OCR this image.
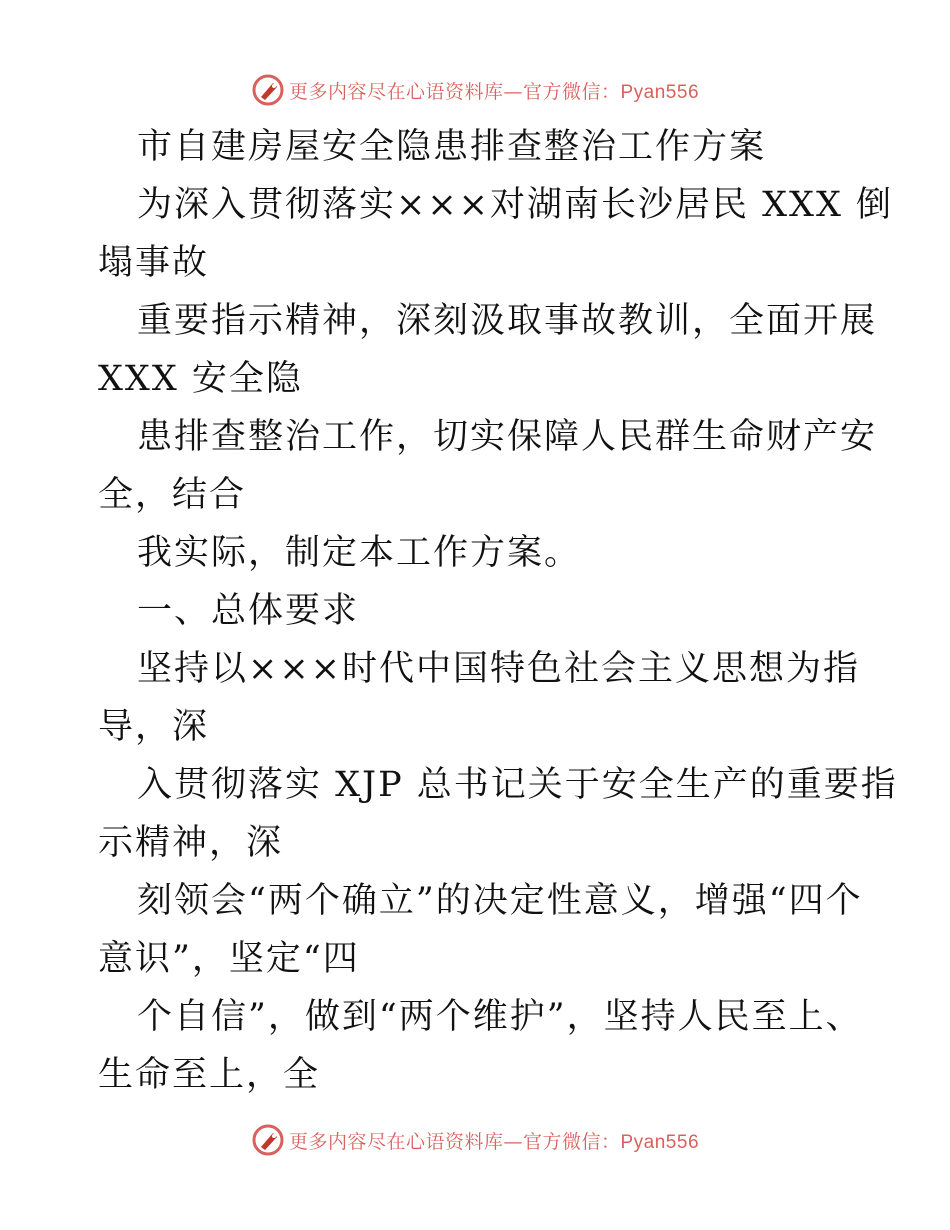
更多内容尽在心语资料库—官方微信：Pyan556
市自建房屋安全隐患排查整治工作方案
为深入贯彻落实×××对湖南长沙居民 XXX 倒
塌事故
重要指示精神，深刻汲取事故教训，全面开展
XXX 安全隐
患排查整治工作，切实保障人民群生命财产安
全，结合
我实际，制定本工作方案。
一、总体要求
坚持以×××时代中国特色社会主义思想为指
导，深
入贯彻落实 XJP 总书记关于安全生产的重要指
示精神，深
刻领会“两个确立”的决定性意义，增强“四个
意识”，坚定“四
个自信”，做到“两个维护”，坚持人民至上、
生命至上，全
更多内容尽在心语资料库—官方微信：Pyan556
